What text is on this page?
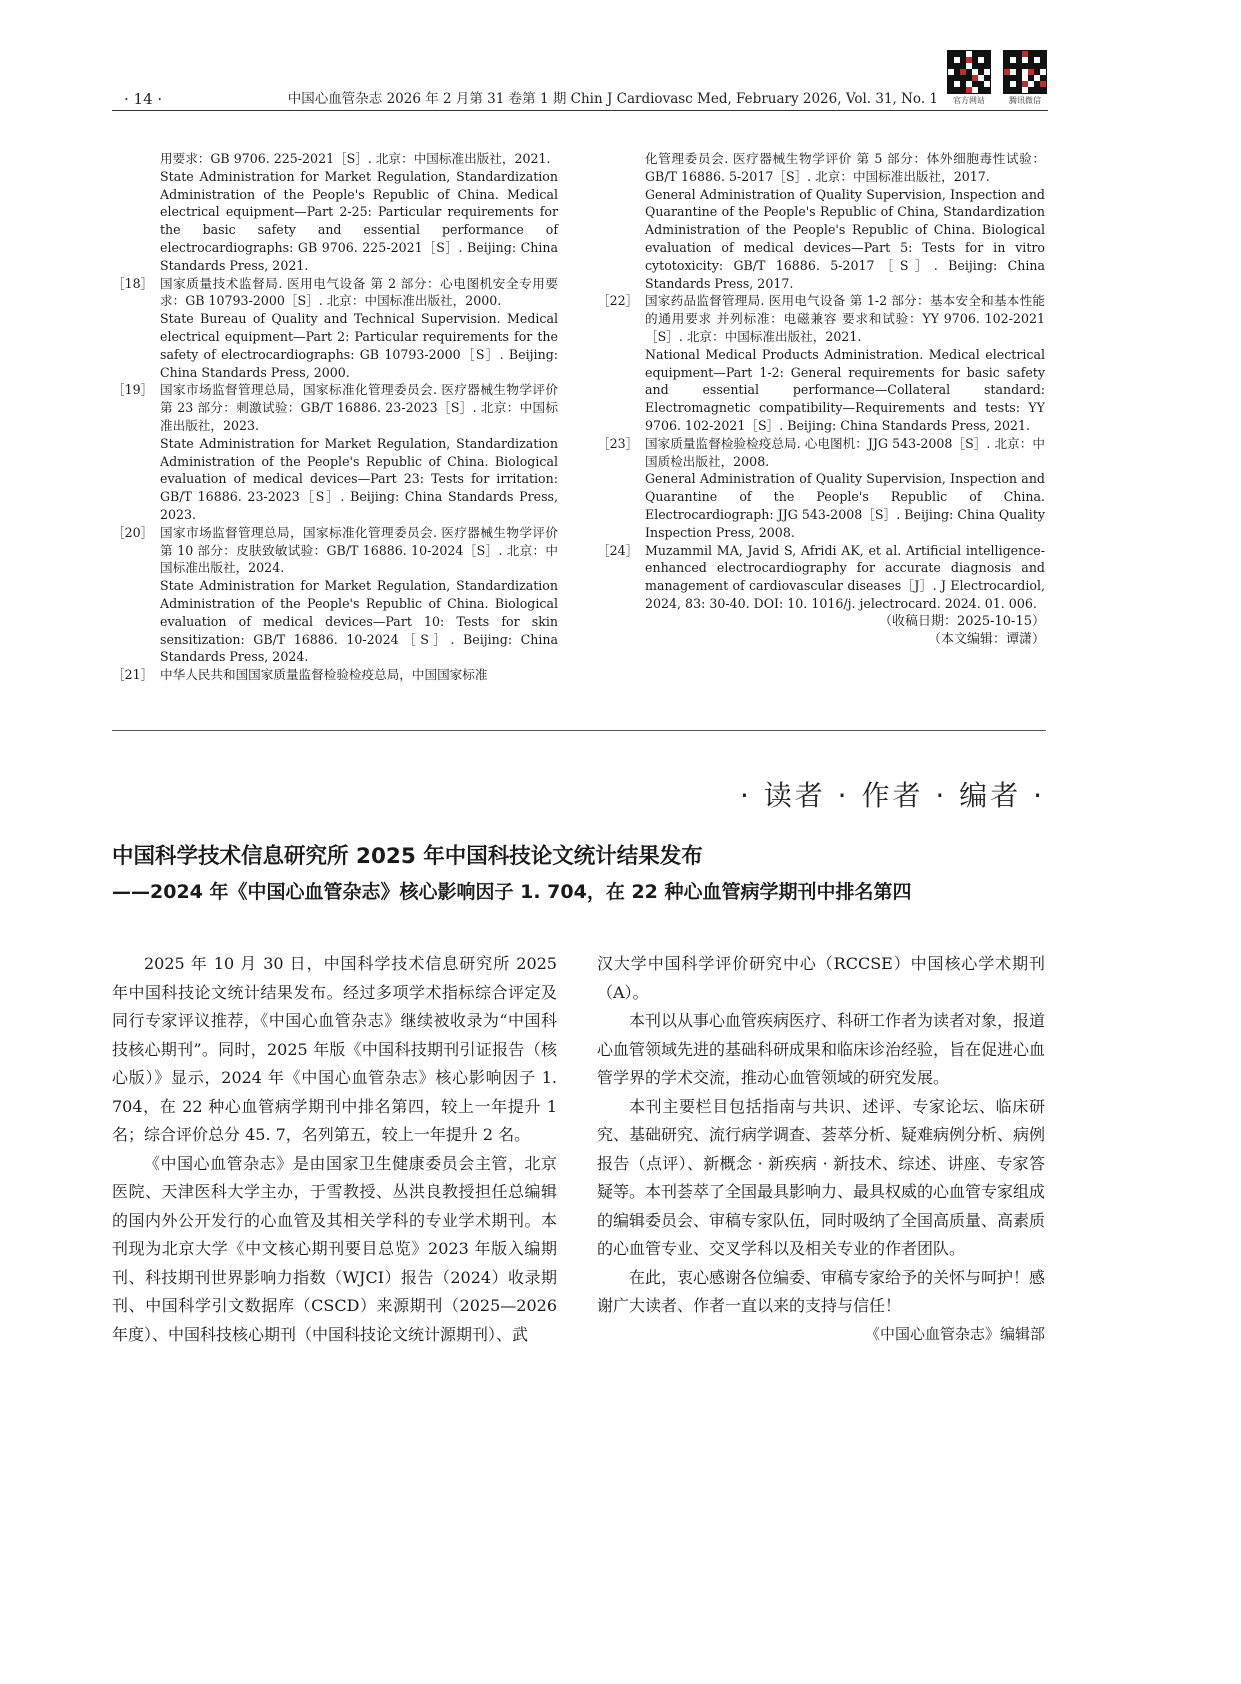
· 14 ·	中国心血管杂志 2026 年 2 月第 31 卷第 1 期 Chin J Cardiovasc Med, February 2026, Vol. 31, No. 1	官方网站	腾讯微信

用要求：GB 9706. 225-2021［S］. 北京：中国标准出版社，2021.

State Administration for Market Regulation, Standardization Administration of the People's Republic of China. Medical electrical equipment—Part 2-25: Particular requirements for the basic safety and essential performance of electrocardiographs: GB 9706. 225-2021［S］. Beijing: China Standards Press, 2021.

［18］ 国家质量技术监督局. 医用电气设备 第 2 部分：心电图机安全专用要求：GB 10793-2000［S］. 北京：中国标准出版社，2000.

State Bureau of Quality and Technical Supervision. Medical electrical equipment—Part 2: Particular requirements for the safety of electrocardiographs: GB 10793-2000［S］. Beijing: China Standards Press, 2000.

［19］ 国家市场监督管理总局，国家标准化管理委员会. 医疗器械生物学评价 第 23 部分：刺激试验：GB/T 16886. 23-2023［S］. 北京：中国标准出版社，2023.

State Administration for Market Regulation, Standardization Administration of the People's Republic of China. Biological evaluation of medical devices—Part 23: Tests for irritation: GB/T 16886. 23-2023［S］. Beijing: China Standards Press, 2023.

［20］ 国家市场监督管理总局，国家标准化管理委员会. 医疗器械生物学评价 第 10 部分：皮肤致敏试验：GB/T 16886. 10-2024［S］. 北京：中国标准出版社，2024.

State Administration for Market Regulation, Standardization Administration of the People's Republic of China. Biological evaluation of medical devices—Part 10: Tests for skin sensitization: GB/T 16886. 10-2024［S］. Beijing: China Standards Press, 2024.

［21］ 中华人民共和国国家质量监督检验检疫总局，中国国家标准

化管理委员会. 医疗器械生物学评价 第 5 部分：体外细胞毒性试验：GB/T 16886. 5-2017［S］. 北京：中国标准出版社，2017.

General Administration of Quality Supervision, Inspection and Quarantine of the People's Republic of China, Standardization Administration of the People's Republic of China. Biological evaluation of medical devices—Part 5: Tests for in vitro cytotoxicity: GB/T 16886. 5-2017［S］. Beijing: China Standards Press, 2017.

［22］ 国家药品监督管理局. 医用电气设备 第 1-2 部分：基本安全和基本性能的通用要求 并列标准：电磁兼容 要求和试验：YY 9706. 102-2021［S］. 北京：中国标准出版社，2021.

National Medical Products Administration. Medical electrical equipment—Part 1-2: General requirements for basic safety and essential performance—Collateral standard: Electromagnetic compatibility—Requirements and tests: YY 9706. 102-2021［S］. Beijing: China Standards Press, 2021.

［23］ 国家质量监督检验检疫总局. 心电图机：JJG 543-2008［S］. 北京：中国质检出版社，2008.

General Administration of Quality Supervision, Inspection and Quarantine of the People's Republic of China. Electrocardiograph: JJG 543-2008［S］. Beijing: China Quality Inspection Press, 2008.

［24］ Muzammil MA, Javid S, Afridi AK, et al. Artificial intelligence-enhanced electrocardiography for accurate diagnosis and management of cardiovascular diseases［J］. J Electrocardiol, 2024, 83: 30-40. DOI: 10. 1016/j. jelectrocard. 2024. 01. 006.

（收稿日期：2025-10-15）
（本文编辑：谭潇）
· 读者 · 作者 · 编者 ·
中国科学技术信息研究所 2025 年中国科技论文统计结果发布
——2024 年《中国心血管杂志》核心影响因子 1. 704，在 22 种心血管病学期刊中排名第四

2025 年 10 月 30 日，中国科学技术信息研究所 2025 年中国科技论文统计结果发布。经过多项学术指标综合评定及同行专家评议推荐，《中国心血管杂志》继续被收录为“中国科技核心期刊”。同时，2025 年版《中国科技期刊引证报告（核心版）》显示，2024 年《中国心血管杂志》核心影响因子 1. 704，在 22 种心血管病学期刊中排名第四，较上一年提升 1 名；综合评价总分 45. 7，名列第五，较上一年提升 2 名。

《中国心血管杂志》是由国家卫生健康委员会主管，北京医院、天津医科大学主办，于雪教授、丛洪良教授担任总编辑的国内外公开发行的心血管及其相关学科的专业学术期刊。本刊现为北京大学《中文核心期刊要目总览》2023 年版入编期刊、科技期刊世界影响力指数（WJCI）报告（2024）收录期刊、中国科学引文数据库（CSCD）来源期刊（2025—2026 年度）、中国科技核心期刊（中国科技论文统计源期刊）、武

汉大学中国科学评价研究中心（RCCSE）中国核心学术期刊（A）。

本刊以从事心血管疾病医疗、科研工作者为读者对象，报道心血管领域先进的基础科研成果和临床诊治经验，旨在促进心血管学界的学术交流，推动心血管领域的研究发展。

本刊主要栏目包括指南与共识、述评、专家论坛、临床研究、基础研究、流行病学调查、荟萃分析、疑难病例分析、病例报告（点评）、新概念 · 新疾病 · 新技术、综述、讲座、专家答疑等。本刊荟萃了全国最具影响力、最具权威的心血管专家组成的编辑委员会、审稿专家队伍，同时吸纳了全国高质量、高素质的心血管专业、交叉学科以及相关专业的作者团队。

在此，衷心感谢各位编委、审稿专家给予的关怀与呵护！感谢广大读者、作者一直以来的支持与信任！

《中国心血管杂志》编辑部
